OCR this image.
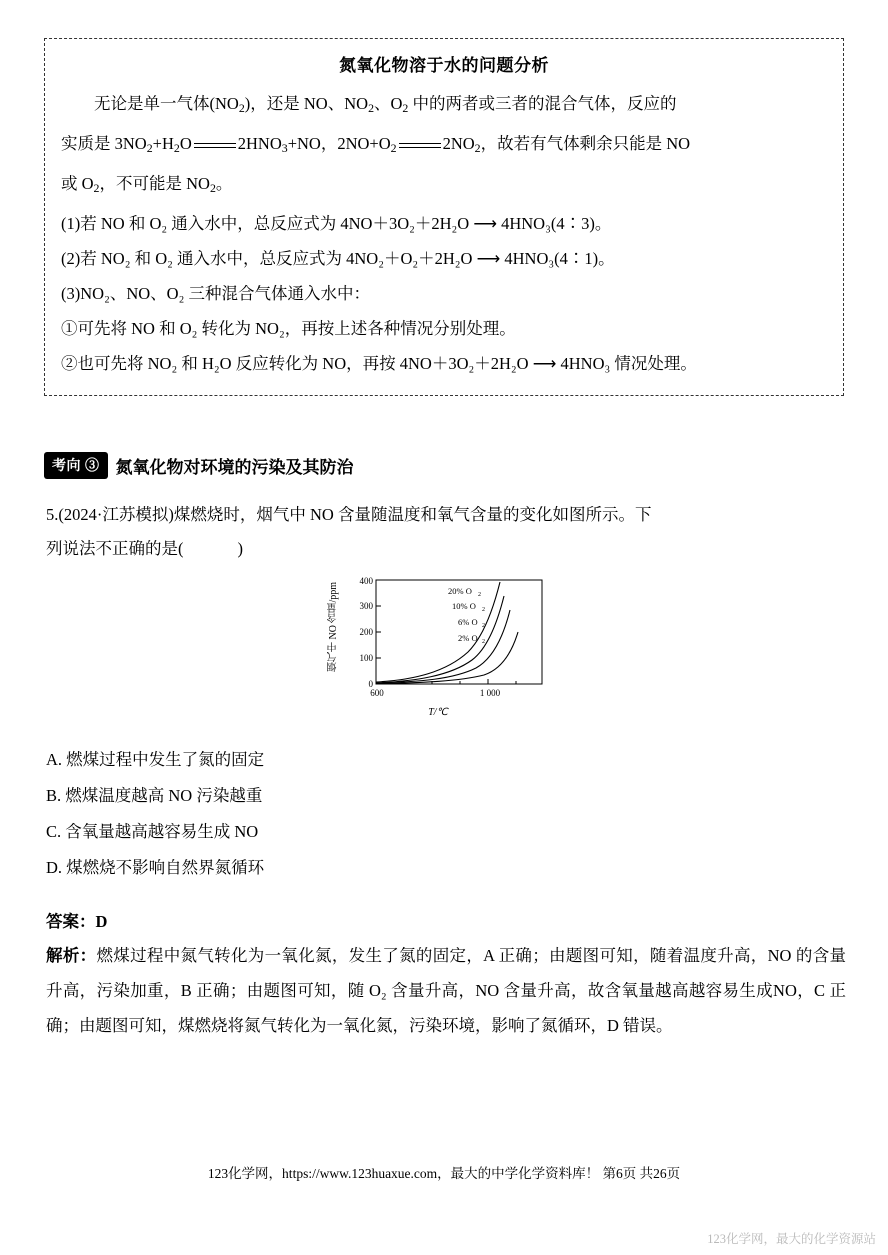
氮氧化物溶于水的问题分析
无论是单一气体$(NO_2)$，还是 NO、$NO_2$、$O_2$ 中的两者或三者的混合气体，反应的
实质是 $3NO_2+H_2O$	$2HNO_3+NO$，$2NO+O_2$	$2NO_2$，故若有气体剩余只能是 NO
或 $O_2$，不可能是 $NO_2$。
(1)若 NO 和 O₂ 通入水中，总反应式为 4NO＋3O₂＋2H₂O ⟶ 4HNO₃(4∶3)。
(2)若 NO₂ 和 O₂ 通入水中，总反应式为 4NO₂＋O₂＋2H₂O ⟶ 4HNO₃(4∶1)。
(3)NO₂、NO、O₂ 三种混合气体通入水中：
①可先将 NO 和 O₂ 转化为 NO₂，再按上述各种情况分别处理。
②也可先将 NO₂ 和 H₂O 反应转化为 NO，再按 4NO＋3O₂＋2H₂O ⟶ 4HNO₃ 情况处理。
考向 ③ 氮氧化物对环境的污染及其防治
5.(2024·江苏模拟)煤燃烧时，烟气中 NO 含量随温度和氧气含量的变化如图所示。下
列说法不正确的是(	)
烟气中 NO 含量/ppm
T/℃
0
100
200
300
400
600	1 000
20% O 2
10% O 2
6% O 2
2% O 2
A. 燃煤过程中发生了氮的固定
B. 燃煤温度越高 NO 污染越重
C. 含氧量越高越容易生成 NO
D. 煤燃烧不影响自然界氮循环
答案：D
解析：燃煤过程中氮气转化为一氧化氮，发生了氮的固定，A 正确；由题图可知，随着温度升高，NO 的含量升高，污染加重，B 正确；由题图可知，随 O₂ 含量升高，NO 含量升高，故含氧量越高越容易生成NO，C 正确；由题图可知，煤燃烧将氮气转化为一氧化氮，污染环境，影响了氮循环，D 错误。
123化学网，https://www.123huaxue.com，最大的中学化学资料库！ 第6页 共26页
123化学网，最大的化学资源站
